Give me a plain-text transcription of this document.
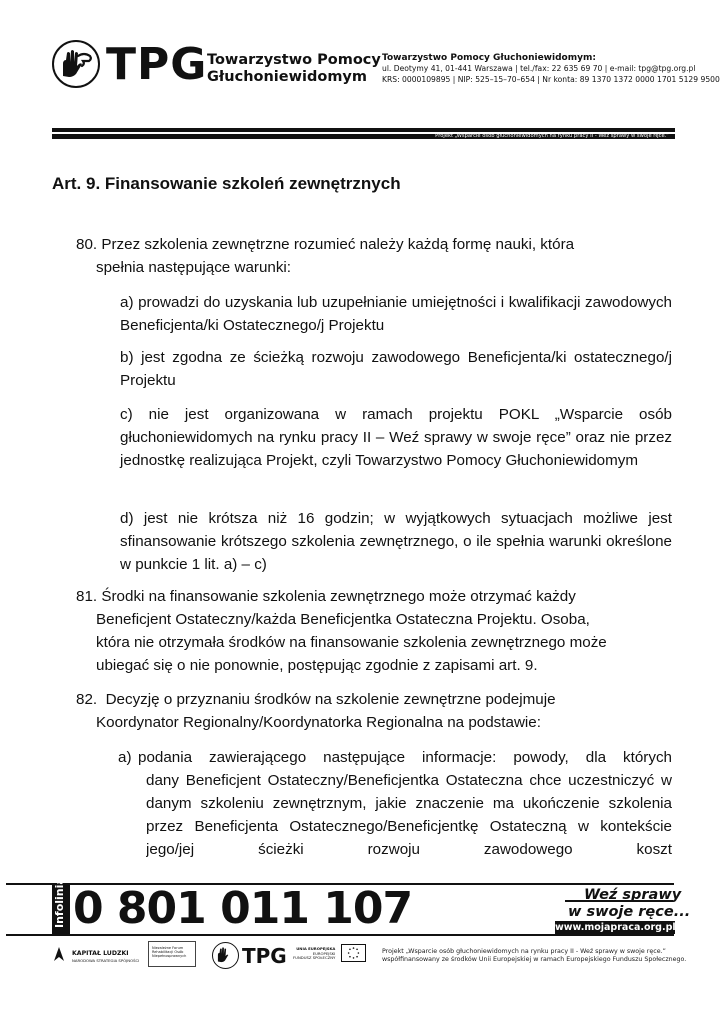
TPG Towarzystwo Pomocy
Głuchoniewidomym
Towarzystwo Pomocy Głuchoniewidomym:
ul. Deotymy 41, 01-441 Warszawa | tel./fax: 22 635 69 70 | e-mail: tpg@tpg.org.pl
KRS: 0000109895 | NIP: 525–15–70–654 | Nr konta: 89 1370 1372 0000 1701 5129 9500
Projekt „Wsparcie osób głuchoniewidomych na rynku pracy II - Weź sprawy w swoje ręce.”
Art. 9. Finansowanie szkoleń zewnętrznych
80. Przez szkolenia zewnętrzne rozumieć należy każdą formę nauki, która
spełnia następujące warunki:
a) prowadzi do uzyskania lub uzupełnianie umiejętności i kwalifikacji zawodowych Beneficjenta/ki Ostatecznego/j Projektu
b) jest zgodna ze ścieżką rozwoju zawodowego Beneficjenta/ki ostatecznego/j Projektu
c) nie jest organizowana w ramach projektu POKL „Wsparcie osób głuchoniewidomych na rynku pracy II – Weź sprawy w swoje ręce” oraz nie przez jednostkę realizująca Projekt, czyli Towarzystwo Pomocy Głuchoniewidomym
d) jest nie krótsza niż 16 godzin; w wyjątkowych sytuacjach możliwe jest sfinansowanie krótszego szkolenia zewnętrznego, o ile spełnia warunki określone w punkcie 1 lit. a) – c)
81. Środki na finansowanie szkolenia zewnętrznego może otrzymać każdy
Beneficjent Ostateczny/każda Beneficjentka Ostateczna Projektu. Osoba,
która nie otrzymała środków na finansowanie szkolenia zewnętrznego może
ubiegać się o nie ponownie, postępując zgodnie z zapisami art. 9.
82. Decyzję o przyznaniu środków na szkolenie zewnętrzne podejmuje
Koordynator Regionalny/Koordynatorka Regionalna na podstawie:
a) podania zawierającego następujące informacje: powody, dla których
dany Beneficjent Ostateczny/Beneficjentka Ostateczna chce uczestniczyć w danym szkoleniu zewnętrznym, jakie znaczenie ma ukończenie szkolenia przez Beneficjenta Ostatecznego/Beneficjentkę Ostateczną w kontekście jego/jej ścieżki rozwoju zawodowego koszt
Infolinia 0 801 011 107	Weź sprawy
w swoje ręce...
www.mojapraca.org.pl
KAPITAŁ LUDZKI
NARODOWA STRATEGIA SPÓJNOŚCI
Niezależne Forum Rehabilitacji Osób Niepełnosprawnych	TPG	UNIA EUROPEJSKA
EUROPEJSKI
FUNDUSZ SPOŁECZNY
Projekt „Wsparcie osób głuchoniewidomych na rynku pracy II - Weź sprawy w swoje ręce.”
współfinansowany ze środków Unii Europejskiej w ramach Europejskiego Funduszu Społecznego.
